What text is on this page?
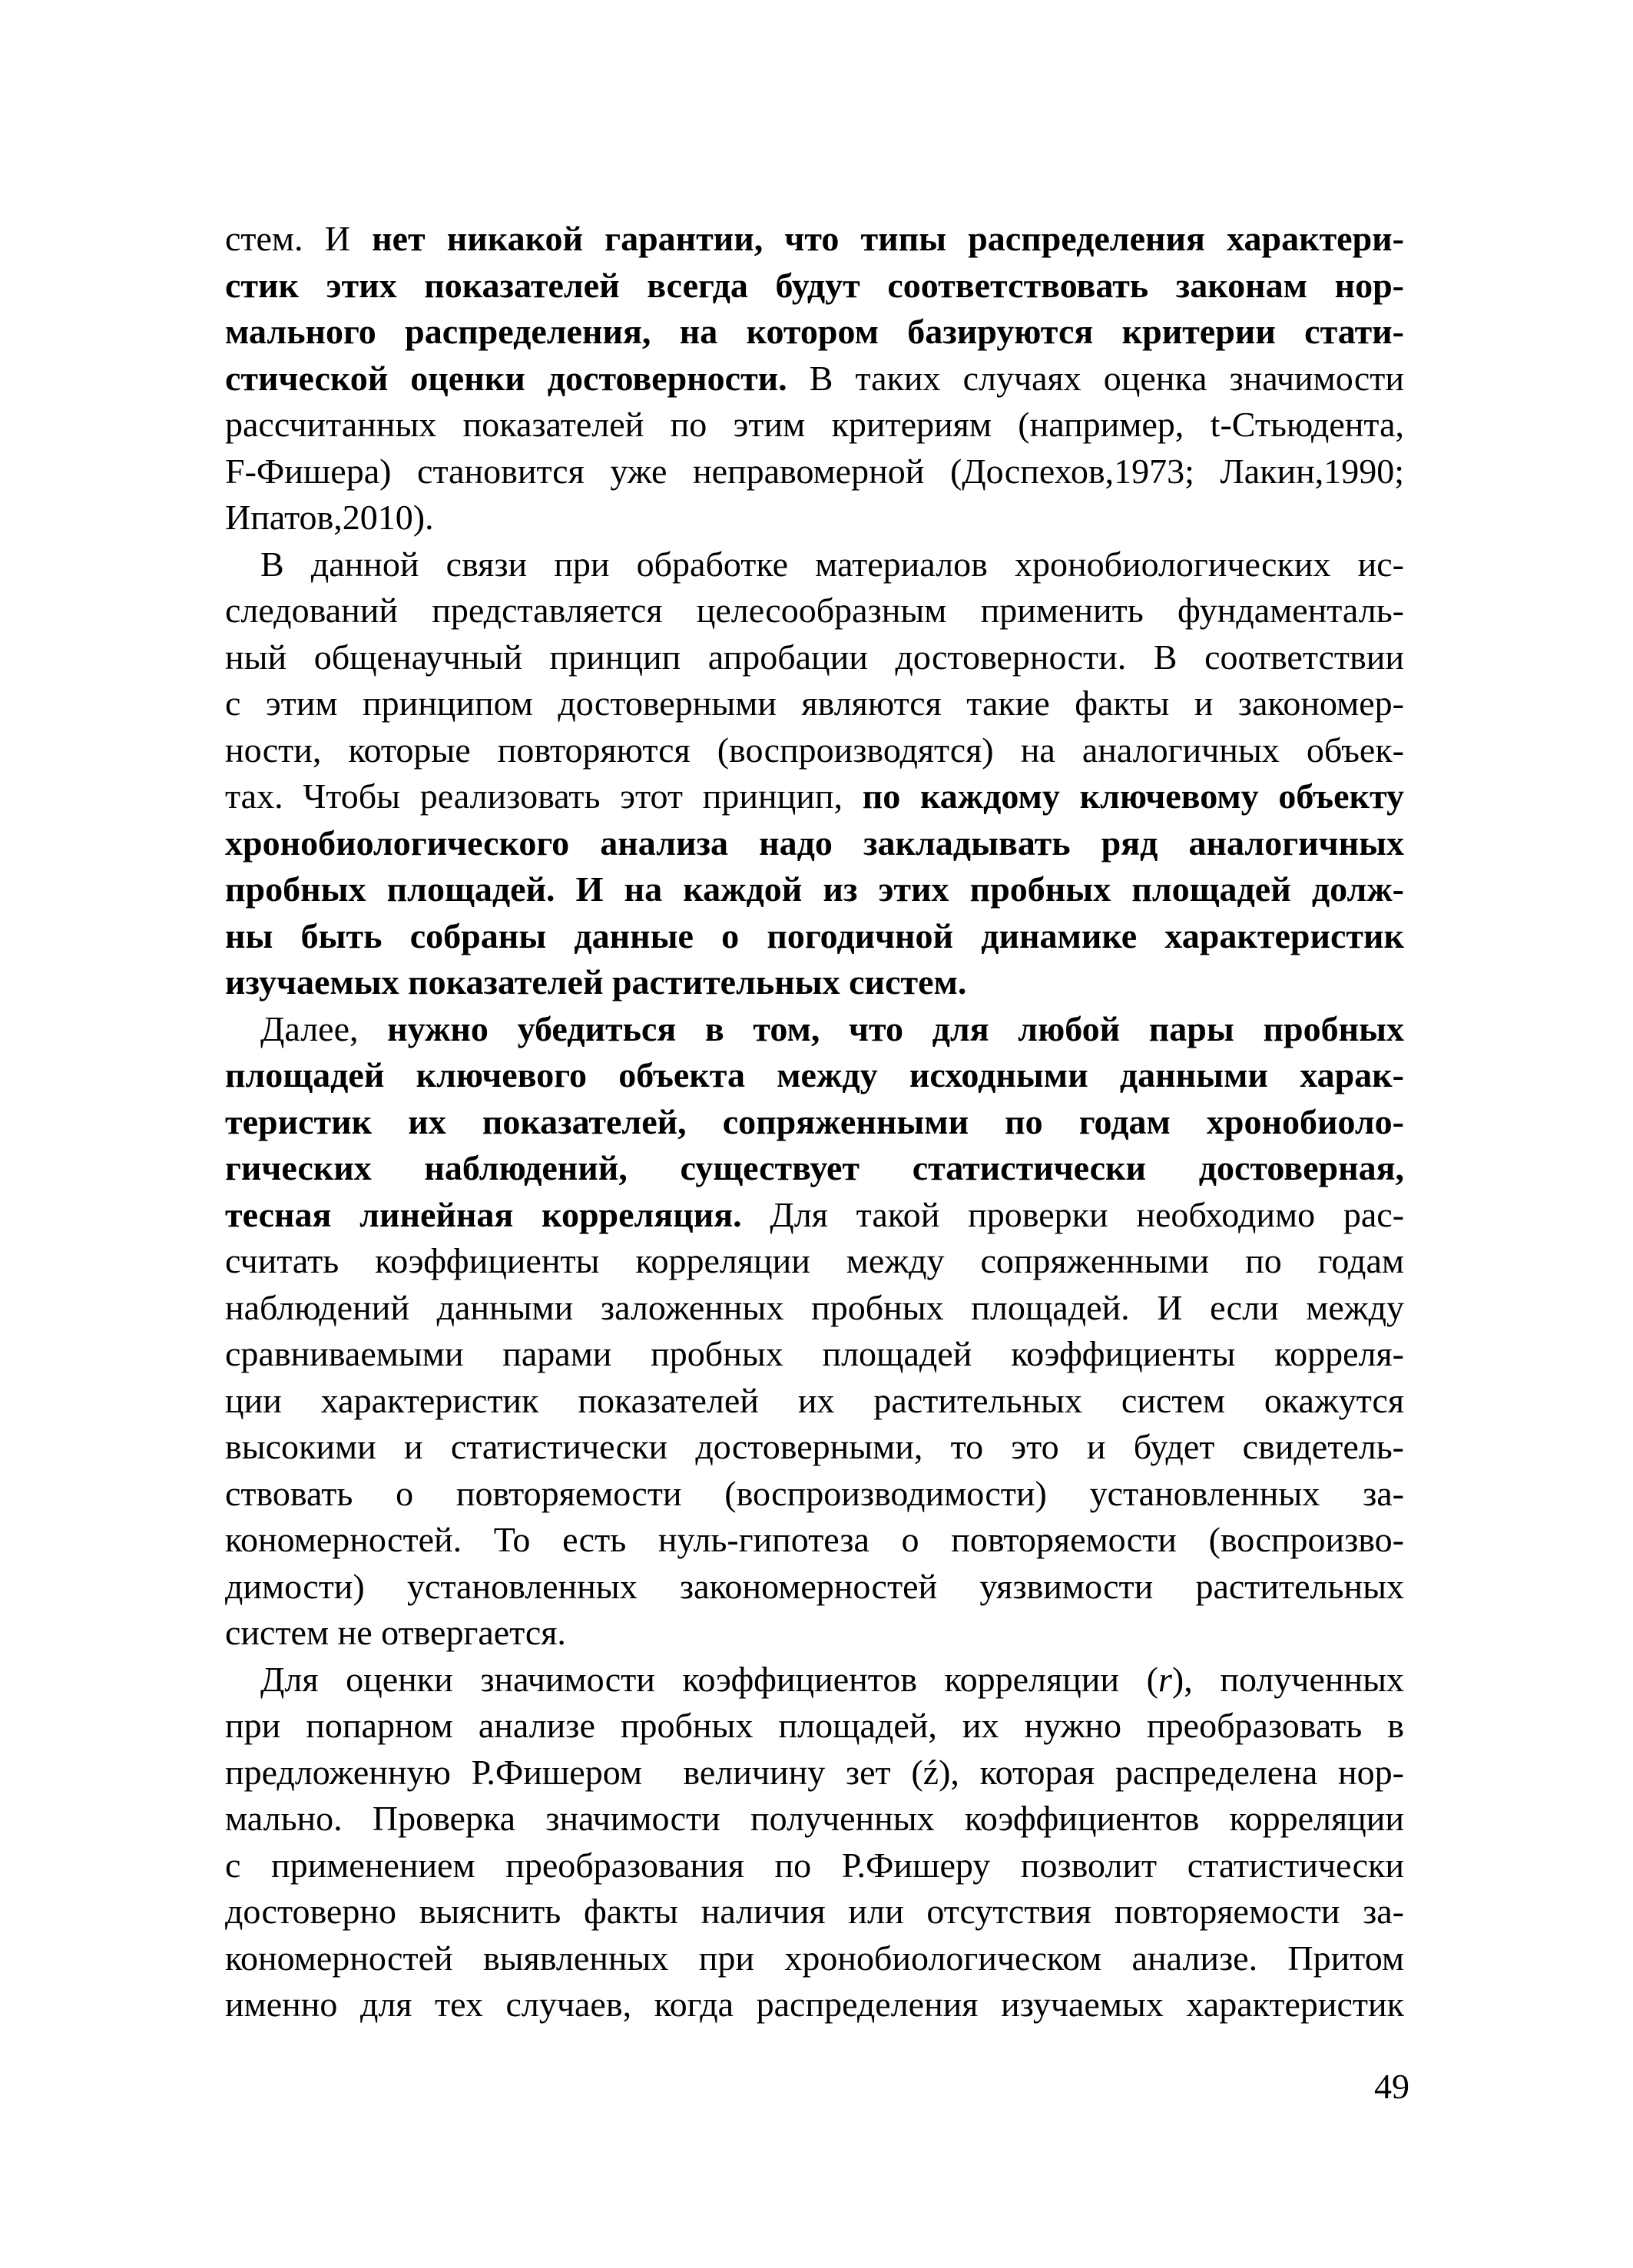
стем. И нет никакой гарантии, что типы распределения характери-
стик этих показателей всегда будут соответствовать законам нор-
мального распределения, на котором базируются критерии стати-
стической оценки достоверности. В таких случаях оценка значимости
рассчитанных показателей по этим критериям (например, t-Стьюдента,
F-Фишера) становится уже неправомерной (Доспехов,1973; Лакин,1990;
Ипатов,2010).
В данной связи при обработке материалов хронобиологических ис-
следований представляется целесообразным применить фундаменталь-
ный общенаучный принцип апробации достоверности. В соответствии
с этим принципом достоверными являются такие факты и закономер-
ности, которые повторяются (воспроизводятся) на аналогичных объек-
тах. Чтобы реализовать этот принцип, по каждому ключевому объекту
хронобиологического анализа надо закладывать ряд аналогичных
пробных площадей. И на каждой из этих пробных площадей долж-
ны быть собраны данные о погодичной динамике характеристик
изучаемых показателей растительных систем.
Далее, нужно убедиться в том, что для любой пары пробных
площадей ключевого объекта между исходными данными харак-
теристик их показателей, сопряженными по годам хронобиоло-
гических наблюдений, существует статистически достоверная,
тесная линейная корреляция. Для такой проверки необходимо рас-
считать коэффициенты корреляции между сопряженными по годам
наблюдений данными заложенных пробных площадей. И если между
сравниваемыми парами пробных площадей коэффициенты корреля-
ции характеристик показателей их растительных систем окажутся
высокими и статистически достоверными, то это и будет свидетель-
ствовать о повторяемости (воспроизводимости) установленных за-
кономерностей. То есть нуль-гипотеза о повторяемости (воспроизво-
димости) установленных закономерностей уязвимости растительных
систем не отвергается.
Для оценки значимости коэффициентов корреляции (r), полученных
при попарном анализе пробных площадей, их нужно преобразовать в
предложенную Р.Фишером  величину зет (ź), которая распределена нор-
мально. Проверка значимости полученных коэффициентов корреляции
с применением преобразования по Р.Фишеру позволит статистически
достоверно выяснить факты наличия или отсутствия повторяемости за-
кономерностей выявленных при хронобиологическом анализе. Притом
именно для тех случаев, когда распределения изучаемых характеристик
49
